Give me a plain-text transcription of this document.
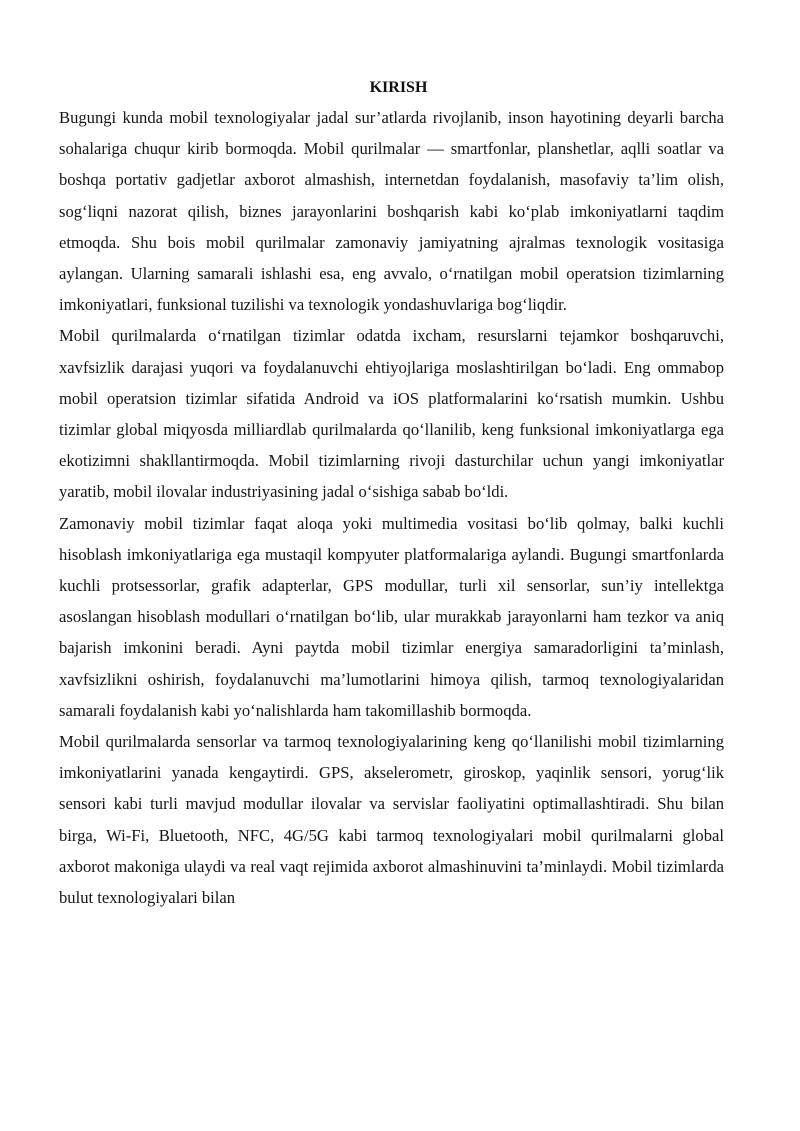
KIRISH

Bugungi kunda mobil texnologiyalar jadal sur’atlarda rivojlanib, inson hayotining deyarli barcha sohalariga chuqur kirib bormoqda. Mobil qurilmalar — smartfonlar, planshetlar, aqlli soatlar va boshqa portativ gadjetlar axborot almashish, internetdan foydalanish, masofaviy ta’lim olish, sog‘liqni nazorat qilish, biznes jarayonlarini boshqarish kabi ko‘plab imkoniyatlarni taqdim etmoqda. Shu bois mobil qurilmalar zamonaviy jamiyatning ajralmas texnologik vositasiga aylangan. Ularning samarali ishlashi esa, eng avvalo, o‘rnatilgan mobil operatsion tizimlarning imkoniyatlari, funksional tuzilishi va texnologik yondashuvlariga bog‘liqdir.

Mobil qurilmalarda o‘rnatilgan tizimlar odatda ixcham, resurslarni tejamkor boshqaruvchi, xavfsizlik darajasi yuqori va foydalanuvchi ehtiyojlariga moslashtirilgan bo‘ladi. Eng ommabop mobil operatsion tizimlar sifatida Android va iOS platformalarini ko‘rsatish mumkin. Ushbu tizimlar global miqyosda milliardlab qurilmalarda qo‘llanilib, keng funksional imkoniyatlarga ega ekotizimni shakllantirmoqda. Mobil tizimlarning rivoji dasturchilar uchun yangi imkoniyatlar yaratib, mobil ilovalar industriyasining jadal o‘sishiga sabab bo‘ldi.

Zamonaviy mobil tizimlar faqat aloqa yoki multimedia vositasi bo‘lib qolmay, balki kuchli hisoblash imkoniyatlariga ega mustaqil kompyuter platformalariga aylandi. Bugungi smartfonlarda kuchli protsessorlar, grafik adapterlar, GPS modullar, turli xil sensorlar, sun’iy intellektga asoslangan hisoblash modullari o‘rnatilgan bo‘lib, ular murakkab jarayonlarni ham tezkor va aniq bajarish imkonini beradi. Ayni paytda mobil tizimlar energiya samaradorligini ta’minlash, xavfsizlikni oshirish, foydalanuvchi ma’lumotlarini himoya qilish, tarmoq texnologiyalaridan samarali foydalanish kabi yo‘nalishlarda ham takomillashib bormoqda.

Mobil qurilmalarda sensorlar va tarmoq texnologiyalarining keng qo‘llanilishi mobil tizimlarning imkoniyatlarini yanada kengaytirdi. GPS, akselerometr, giroskop, yaqinlik sensori, yorug‘lik sensori kabi turli mavjud modullar ilovalar va servislar faoliyatini optimallashtiradi. Shu bilan birga, Wi-Fi, Bluetooth, NFC, 4G/5G kabi tarmoq texnologiyalari mobil qurilmalarni global axborot makoniga ulaydi va real vaqt rejimida axborot almashinuvini ta’minlaydi. Mobil tizimlarda bulut texnologiyalari bilan
